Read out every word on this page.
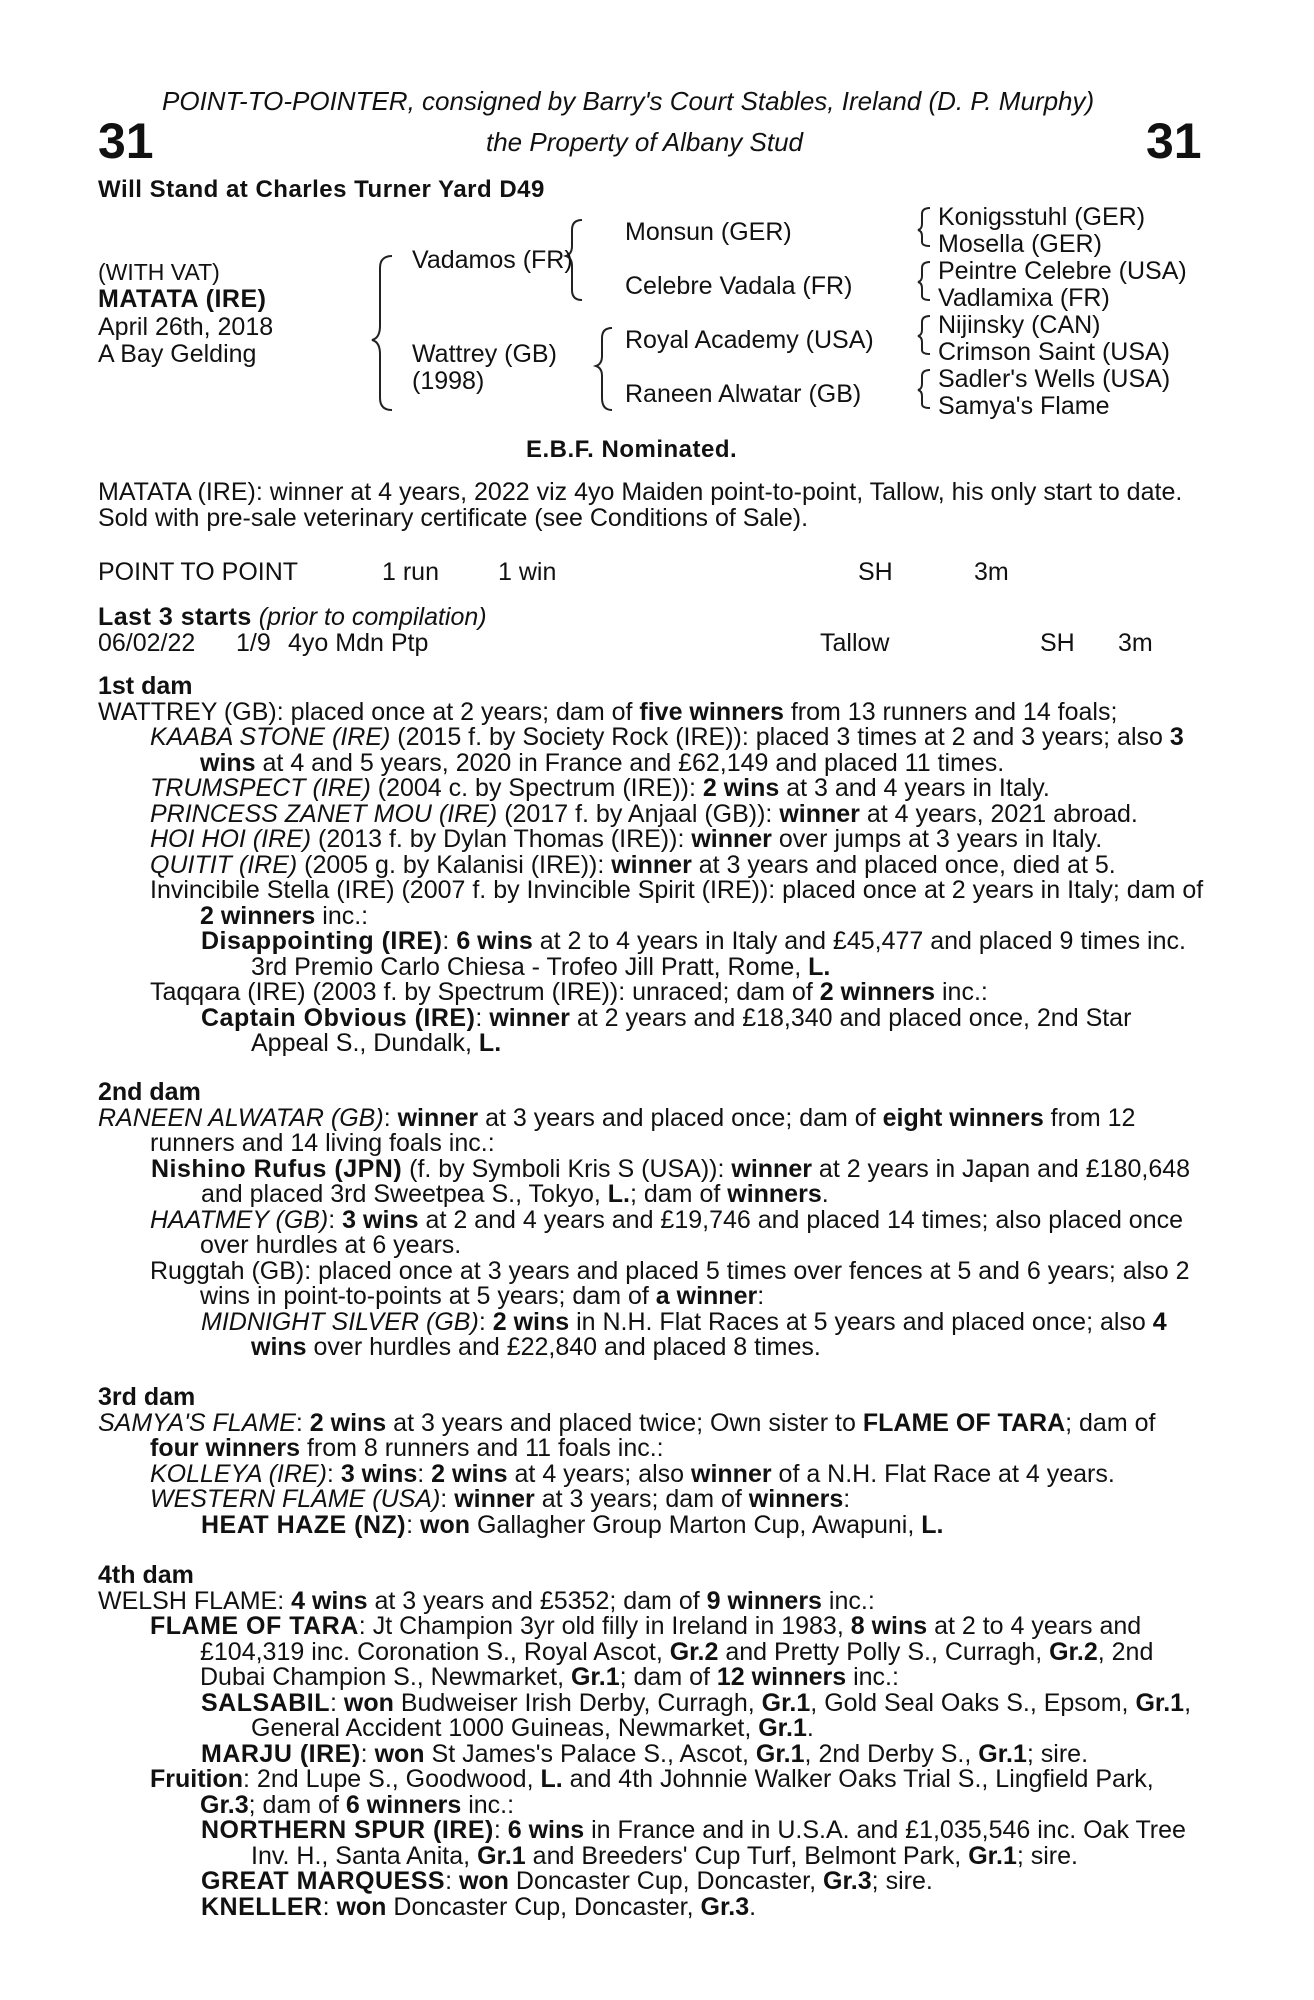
POINT-TO-POINTER, consigned by Barry's Court Stables, Ireland (D. P. Murphy)
31	the Property of Albany Stud	31
Will Stand at Charles Turner Yard D49
(WITH VAT)
MATATA (IRE)
April 26th, 2018
A Bay Gelding
Vadamos (FR)
Wattrey (GB)
(1998)
Monsun (GER)
Celebre Vadala (FR)
Royal Academy (USA)
Raneen Alwatar (GB)
Konigsstuhl (GER)
Mosella (GER)
Peintre Celebre (USA)
Vadlamixa (FR)
Nijinsky (CAN)
Crimson Saint (USA)
Sadler's Wells (USA)
Samya's Flame
E.B.F. Nominated.
MATATA (IRE): winner at 4 years, 2022 viz 4yo Maiden point-to-point, Tallow, his only start to date. Sold with pre-sale veterinary certificate (see Conditions of Sale).
POINT TO POINT	1 run 1 win	SH	3m
Last 3 starts (prior to compilation)
06/02/22 1/9 4yo Mdn Ptp	Tallow	SH 3m

1st dam

WATTREY (GB): placed once at 2 years; dam of five winners from 13 runners and 14 foals;

KAABA STONE (IRE) (2015 f. by Society Rock (IRE)): placed 3 times at 2 and 3 years; also 3 wins at 4 and 5 years, 2020 in France and £62,149 and placed 11 times.

TRUMSPECT (IRE) (2004 c. by Spectrum (IRE)): 2 wins at 3 and 4 years in Italy.

PRINCESS ZANET MOU (IRE) (2017 f. by Anjaal (GB)): winner at 4 years, 2021 abroad.

HOI HOI (IRE) (2013 f. by Dylan Thomas (IRE)): winner over jumps at 3 years in Italy.

QUITIT (IRE) (2005 g. by Kalanisi (IRE)): winner at 3 years and placed once, died at 5.

Invincibile Stella (IRE) (2007 f. by Invincible Spirit (IRE)): placed once at 2 years in Italy; dam of 2 winners inc.:

Disappointing (IRE): 6 wins at 2 to 4 years in Italy and £45,477 and placed 9 times inc. 3rd Premio Carlo Chiesa - Trofeo Jill Pratt, Rome, L.

Taqqara (IRE) (2003 f. by Spectrum (IRE)): unraced; dam of 2 winners inc.:

Captain Obvious (IRE): winner at 2 years and £18,340 and placed once, 2nd Star Appeal S., Dundalk, L.

2nd dam

RANEEN ALWATAR (GB): winner at 3 years and placed once; dam of eight winners from 12 runners and 14 living foals inc.:

Nishino Rufus (JPN) (f. by Symboli Kris S (USA)): winner at 2 years in Japan and £180,648 and placed 3rd Sweetpea S., Tokyo, L.; dam of winners.

HAATMEY (GB): 3 wins at 2 and 4 years and £19,746 and placed 14 times; also placed once over hurdles at 6 years.

Ruggtah (GB): placed once at 3 years and placed 5 times over fences at 5 and 6 years; also 2 wins in point-to-points at 5 years; dam of a winner:

MIDNIGHT SILVER (GB): 2 wins in N.H. Flat Races at 5 years and placed once; also 4 wins over hurdles and £22,840 and placed 8 times.

3rd dam

SAMYA'S FLAME: 2 wins at 3 years and placed twice; Own sister to FLAME OF TARA; dam of four winners from 8 runners and 11 foals inc.:

KOLLEYA (IRE): 3 wins: 2 wins at 4 years; also winner of a N.H. Flat Race at 4 years.

WESTERN FLAME (USA): winner at 3 years; dam of winners:

HEAT HAZE (NZ): won Gallagher Group Marton Cup, Awapuni, L.

4th dam

WELSH FLAME: 4 wins at 3 years and £5352; dam of 9 winners inc.:

FLAME OF TARA: Jt Champion 3yr old filly in Ireland in 1983, 8 wins at 2 to 4 years and £104,319 inc. Coronation S., Royal Ascot, Gr.2 and Pretty Polly S., Curragh, Gr.2, 2nd Dubai Champion S., Newmarket, Gr.1; dam of 12 winners inc.:

SALSABIL: won Budweiser Irish Derby, Curragh, Gr.1, Gold Seal Oaks S., Epsom, Gr.1, General Accident 1000 Guineas, Newmarket, Gr.1.

MARJU (IRE): won St James's Palace S., Ascot, Gr.1, 2nd Derby S., Gr.1; sire.

Fruition: 2nd Lupe S., Goodwood, L. and 4th Johnnie Walker Oaks Trial S., Lingfield Park, Gr.3; dam of 6 winners inc.:

NORTHERN SPUR (IRE): 6 wins in France and in U.S.A. and £1,035,546 inc. Oak Tree Inv. H., Santa Anita, Gr.1 and Breeders' Cup Turf, Belmont Park, Gr.1; sire.

GREAT MARQUESS: won Doncaster Cup, Doncaster, Gr.3; sire.

KNELLER: won Doncaster Cup, Doncaster, Gr.3.
